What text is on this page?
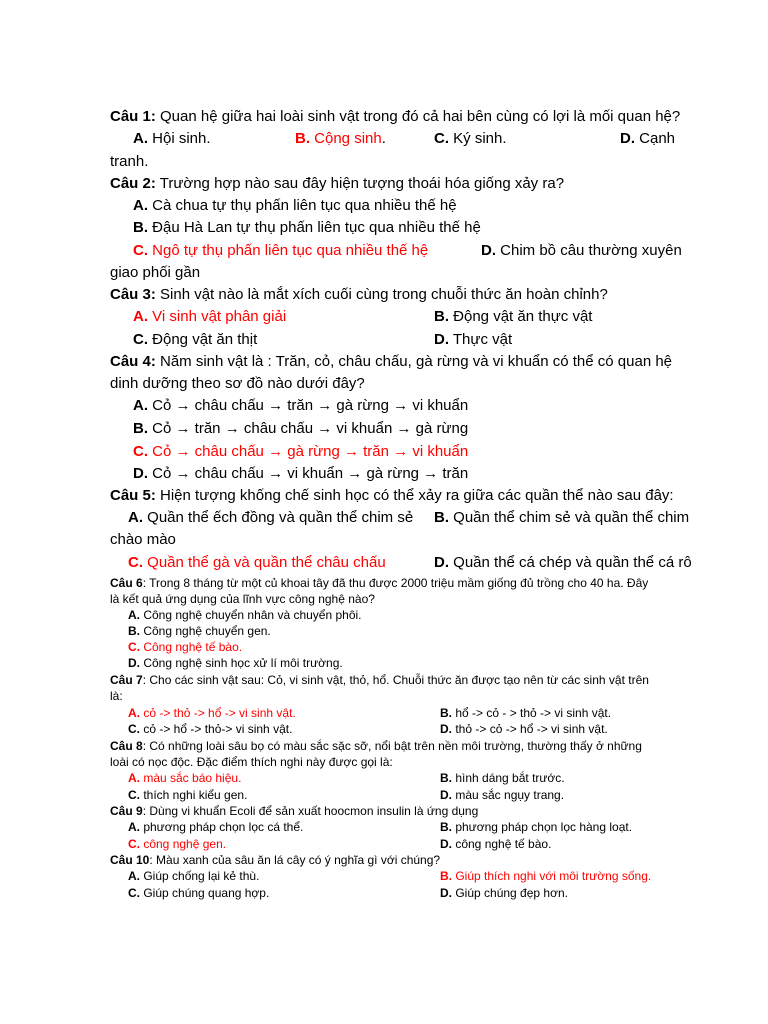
Câu 1: Quan hệ giữa hai loài sinh vật trong đó cả hai bên cùng có lợi là mối quan hệ?
A. Hội sinh.	B. Cộng sinh.	C. Ký sinh.	D. Cạnh
tranh.
Câu 2: Trường hợp nào sau đây hiện tượng thoái hóa giống xảy ra?
A. Cà chua tự thụ phấn liên tục qua nhiều thế hệ
B. Đậu Hà Lan tự thụ phấn liên tục qua nhiều thế hệ
C. Ngô tự thụ phấn liên tục qua nhiều thế hệ	D. Chim bồ câu thường xuyên
giao phối gần
Câu 3: Sinh vật nào là mắt xích cuối cùng trong chuỗi thức ăn hoàn chỉnh?
A. Vi sinh vật phân giải	B. Động vật ăn thực vật
C. Động vật ăn thịt	D. Thực vật
Câu 4: Năm sinh vật là : Trăn, cỏ, châu chấu, gà rừng và vi khuẩn có thể có quan hệ
dinh dưỡng theo sơ đồ nào dưới đây?
A. Cỏ → châu chấu → trăn → gà rừng → vi khuẩn
B. Cỏ → trăn → châu chấu → vi khuẩn → gà rừng
C. Cỏ → châu chấu → gà rừng → trăn → vi khuẩn
D. Cỏ → châu chấu → vi khuẩn → gà rừng → trăn
Câu 5: Hiện tượng khống chế sinh học có thể xảy ra giữa các quần thể nào sau đây:
A. Quần thể ếch đồng và quần thể chim sẻ B. Quần thể chim sẻ và quần thể chim
chào mào
C. Quần thể gà và quần thể châu chấu	D. Quần thể cá chép và quần thể cá rô
Câu 6: Trong 8 tháng từ một củ khoai tây đã thu được 2000 triệu mầm giống đủ trồng cho 40 ha. Đây
là kết quả ứng dụng của lĩnh vực công nghệ nào?
A. Công nghệ chuyển nhân và chuyển phôi.
B. Công nghệ chuyển gen.
C. Công nghệ tế bào.
D. Công nghệ sinh học xử lí môi trường.
Câu 7: Cho các sinh vật sau: Cỏ, vi sinh vật, thỏ, hổ. Chuỗi thức ăn được tạo nên từ các sinh vật trên
là:
A. cỏ -> thỏ -> hổ -> vi sinh vật.	B. hổ -> cỏ - > thỏ -> vi sinh vật.
C. cỏ -> hổ -> thỏ-> vi sinh vật.	D. thỏ -> cỏ -> hổ -> vi sinh vật.
Câu 8: Có những loài sâu bọ có màu sắc sặc sỡ, nổi bật trên nền môi trường, thường thấy ở những
loài có nọc độc. Đặc điểm thích nghi này được gọi là:
A. màu sắc báo hiệu.	B. hình dáng bắt trước.
C. thích nghi kiểu gen.	D. màu sắc ngụy trang.
Câu 9: Dùng vi khuẩn Ecoli để sản xuất hoocmon insulin là ứng dụng
A. phương pháp chọn lọc cá thể.	B. phương pháp chọn lọc hàng loạt.
C. công nghệ gen.	D. công nghệ tế bào.
Câu 10: Màu xanh của sâu ăn lá cây có ý nghĩa gì với chúng?
A. Giúp chống lại kẻ thù.	B. Giúp thích nghi với môi trường sống.
C. Giúp chúng quang hợp.	D. Giúp chúng đẹp hơn.
